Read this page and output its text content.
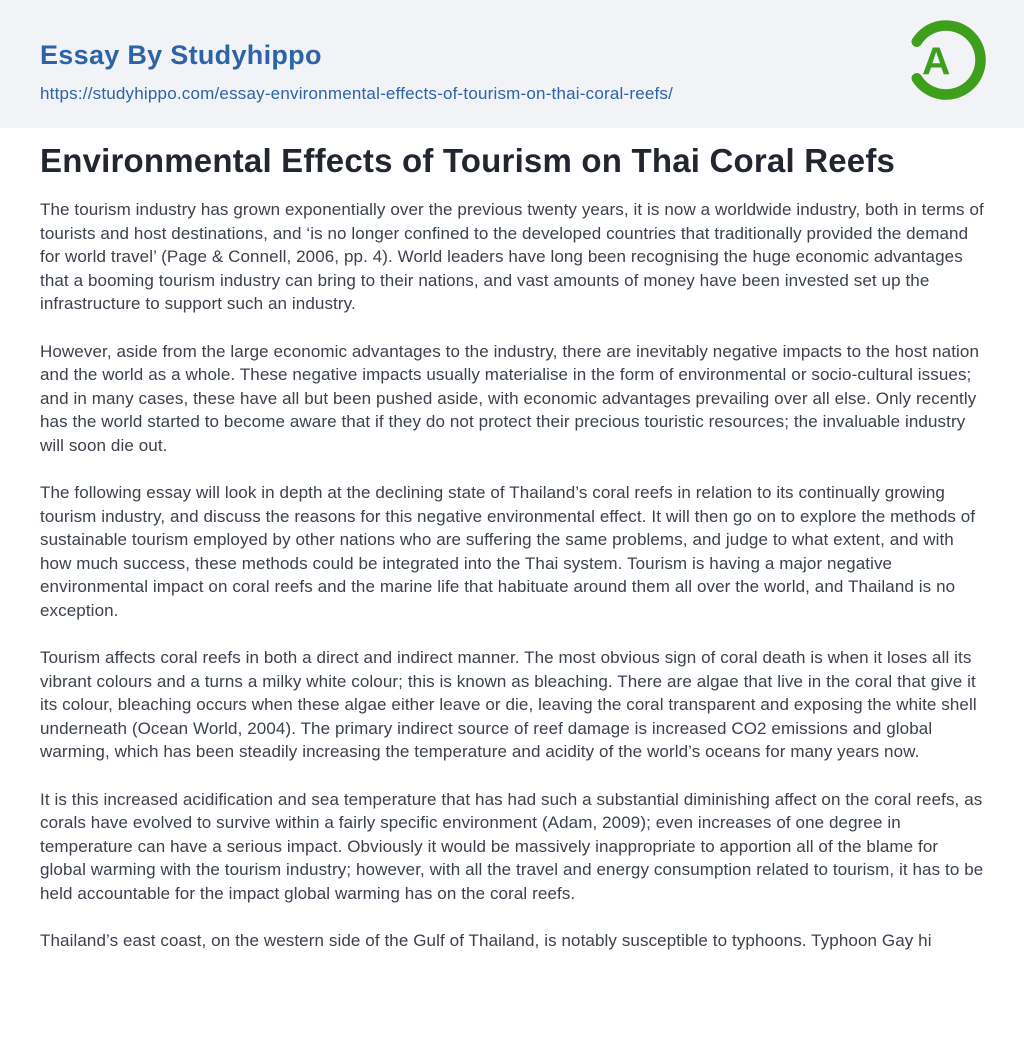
Essay By Studyhippo
https://studyhippo.com/essay-environmental-effects-of-tourism-on-thai-coral-reefs/
A
Environmental Effects of Tourism on Thai Coral Reefs

The tourism industry has grown exponentially over the previous twenty years, it is now a worldwide industry, both in terms of tourists and host destinations, and ‘is no longer confined to the developed countries that traditionally provided the demand for world travel’ (Page & Connell, 2006, pp. 4). World leaders have long been recognising the huge economic advantages that a booming tourism industry can bring to their nations, and vast amounts of money have been invested set up the infrastructure to support such an industry.

However, aside from the large economic advantages to the industry, there are inevitably negative impacts to the host nation and the world as a whole. These negative impacts usually materialise in the form of environmental or socio-cultural issues; and in many cases, these have all but been pushed aside, with economic advantages prevailing over all else. Only recently has the world started to become aware that if they do not protect their precious touristic resources; the invaluable industry will soon die out.

The following essay will look in depth at the declining state of Thailand’s coral reefs in relation to its continually growing tourism industry, and discuss the reasons for this negative environmental effect. It will then go on to explore the methods of sustainable tourism employed by other nations who are suffering the same problems, and judge to what extent, and with how much success, these methods could be integrated into the Thai system. Tourism is having a major negative environmental impact on coral reefs and the marine life that habituate around them all over the world, and Thailand is no exception.

Tourism affects coral reefs in both a direct and indirect manner. The most obvious sign of coral death is when it loses all its vibrant colours and a turns a milky white colour; this is known as bleaching. There are algae that live in the coral that give it its colour, bleaching occurs when these algae either leave or die, leaving the coral transparent and exposing the white shell underneath (Ocean World, 2004). The primary indirect source of reef damage is increased CO2 emissions and global warming, which has been steadily increasing the temperature and acidity of the world’s oceans for many years now.

It is this increased acidification and sea temperature that has had such a substantial diminishing affect on the coral reefs, as corals have evolved to survive within a fairly specific environment (Adam, 2009); even increases of one degree in temperature can have a serious impact. Obviously it would be massively inappropriate to apportion all of the blame for global warming with the tourism industry; however, with all the travel and energy consumption related to tourism, it has to be held accountable for the impact global warming has on the coral reefs.

Thailand’s east coast, on the western side of the Gulf of Thailand, is notably susceptible to typhoons. Typhoon Gay hi
